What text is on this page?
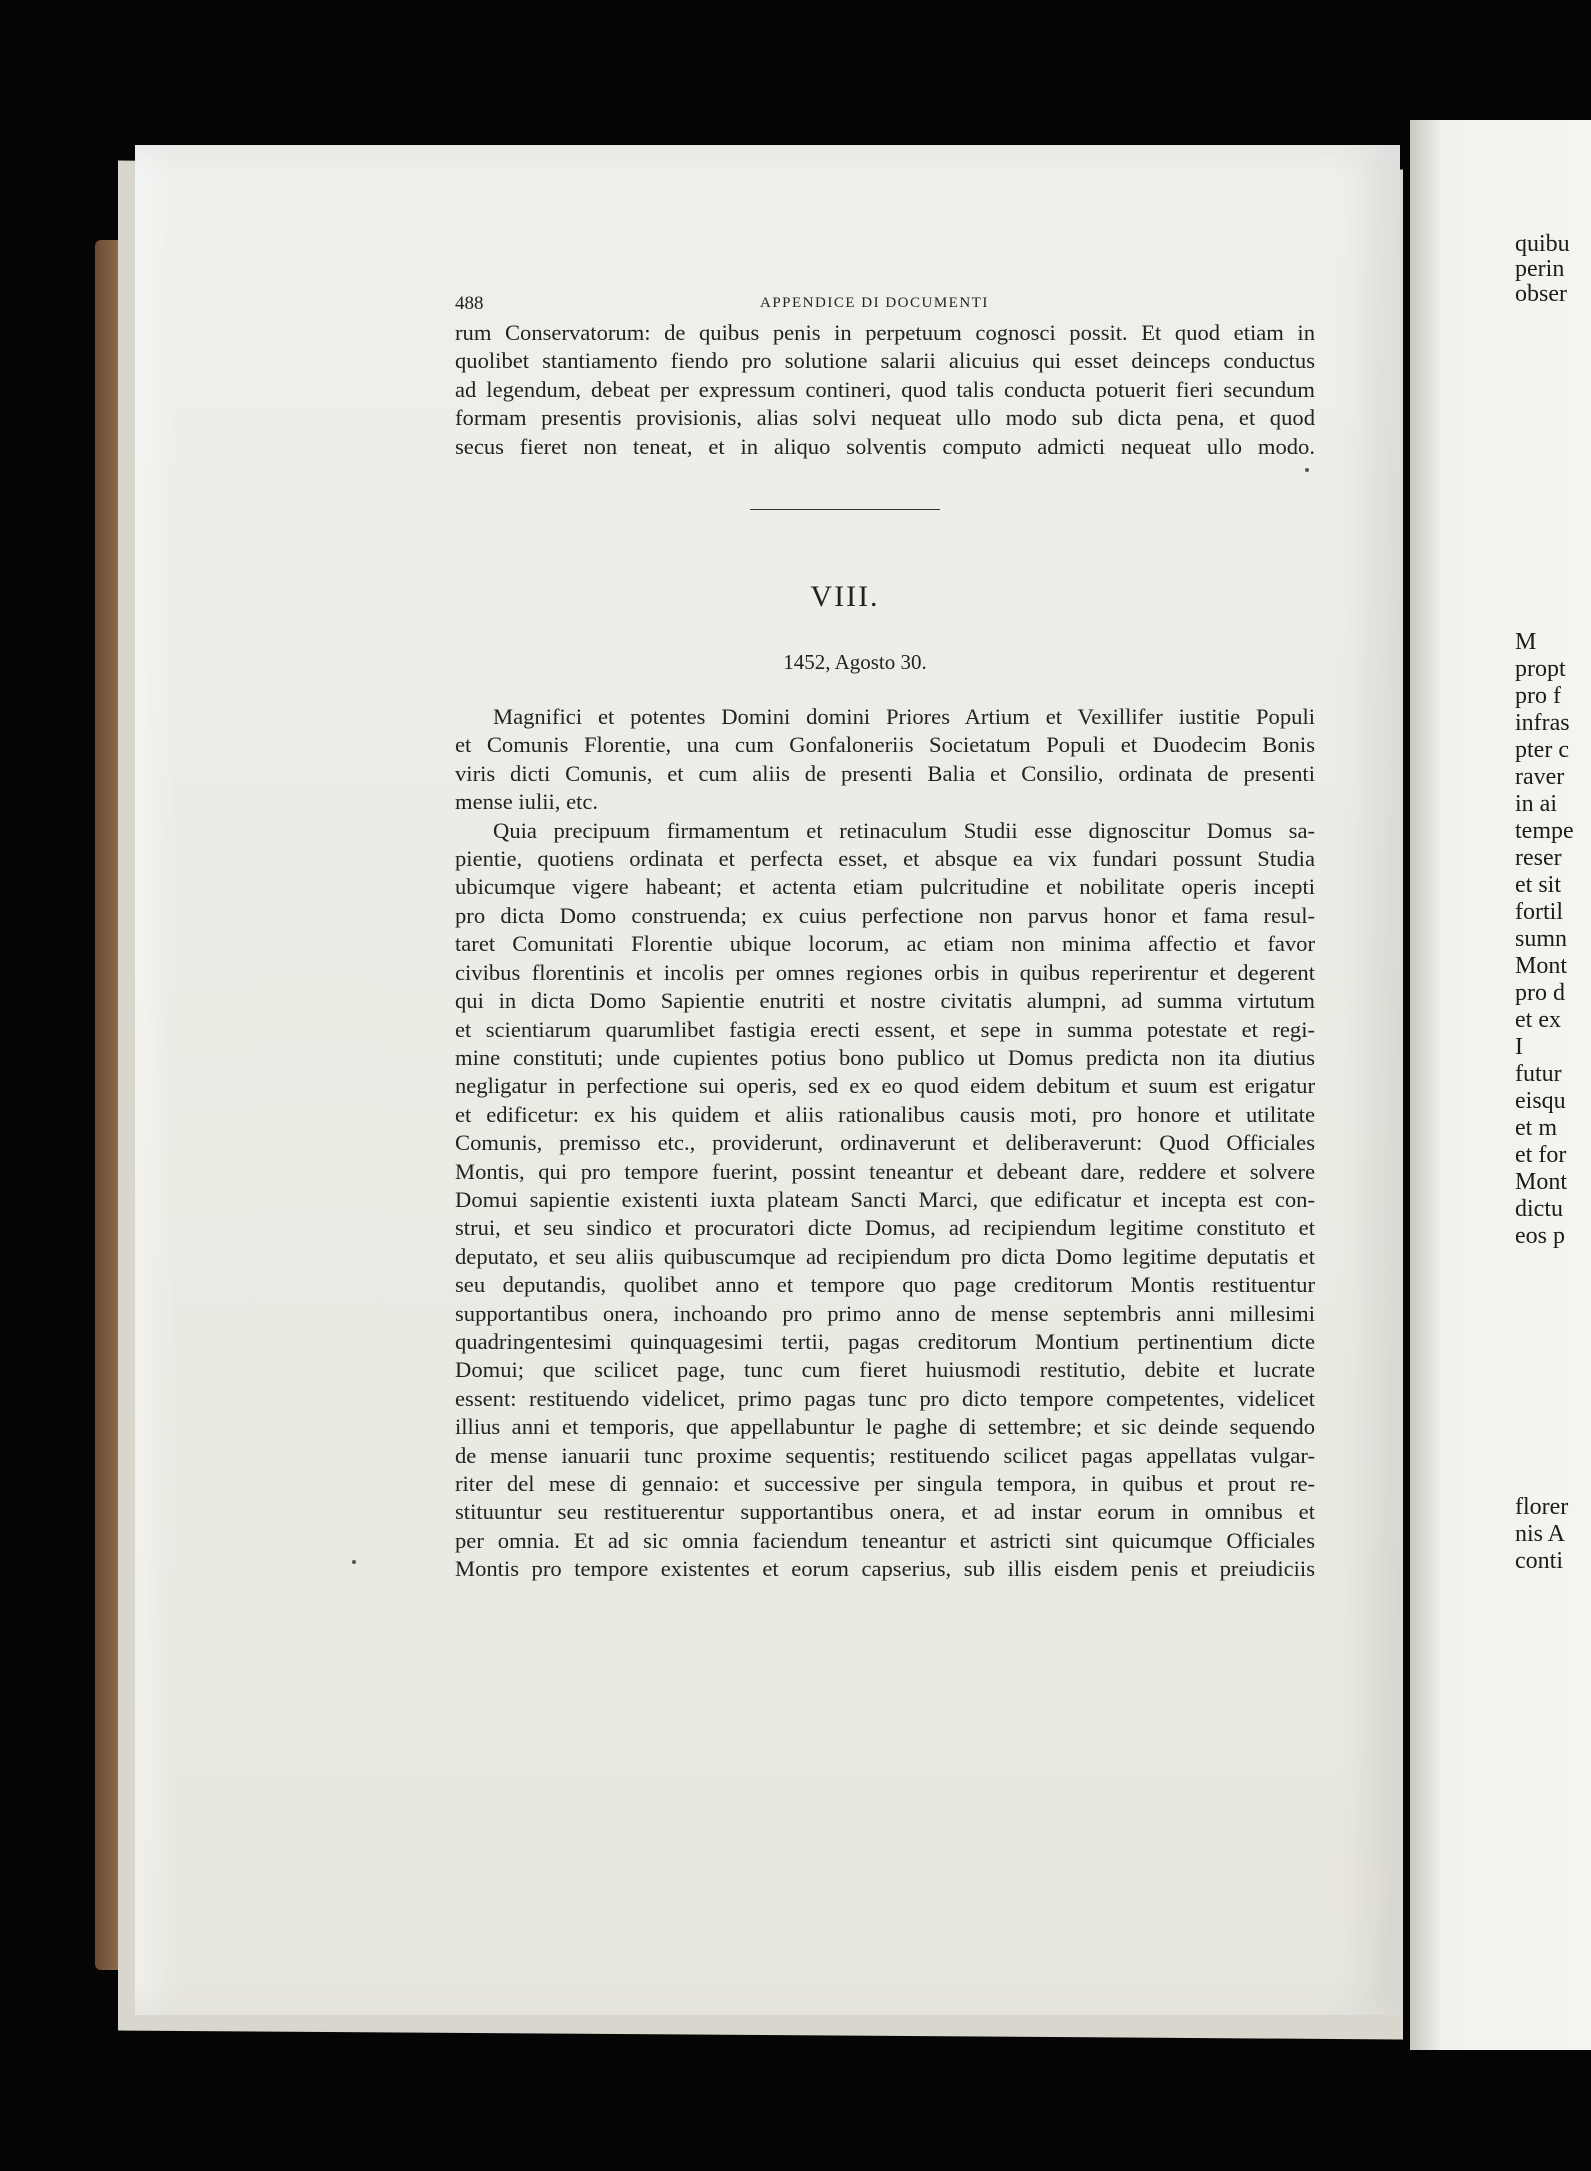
quibu
perin
obser
M
propt
pro f
infras
pter c
raver
in ai
tempe
reser
et sit
fortil
sumn
Mont
pro d
et ex
I
futur
eisqu
et m
et for
Mont
dictu
eos p
florer
nis A
conti
488	APPENDICE DI DOCUMENTI
rum Conservatorum: de quibus penis in perpetuum cognosci possit. Et quod etiam in
quolibet stantiamento fiendo pro solutione salarii alicuius qui esset deinceps conductus
ad legendum, debeat per expressum contineri, quod talis conducta potuerit fieri secundum
formam presentis provisionis, alias solvi nequeat ullo modo sub dicta pena, et quod
secus fieret non teneat, et in aliquo solventis computo admicti nequeat ullo modo.
VIII.
1452, Agosto 30.
Magnifici et potentes Domini domini Priores Artium et Vexillifer iustitie Populi
et Comunis Florentie, una cum Gonfaloneriis Societatum Populi et Duodecim Bonis
viris dicti Comunis, et cum aliis de presenti Balia et Consilio, ordinata de presenti
mense iulii, etc.
Quia precipuum firmamentum et retinaculum Studii esse dignoscitur Domus sa-
pientie, quotiens ordinata et perfecta esset, et absque ea vix fundari possunt Studia
ubicumque vigere habeant; et actenta etiam pulcritudine et nobilitate operis incepti
pro dicta Domo construenda; ex cuius perfectione non parvus honor et fama resul-
taret Comunitati Florentie ubique locorum, ac etiam non minima affectio et favor
civibus florentinis et incolis per omnes regiones orbis in quibus reperirentur et degerent
qui in dicta Domo Sapientie enutriti et nostre civitatis alumpni, ad summa virtutum
et scientiarum quarumlibet fastigia erecti essent, et sepe in summa potestate et regi-
mine constituti; unde cupientes potius bono publico ut Domus predicta non ita diutius
negligatur in perfectione sui operis, sed ex eo quod eidem debitum et suum est erigatur
et edificetur: ex his quidem et aliis rationalibus causis moti, pro honore et utilitate
Comunis, premisso etc., providerunt, ordinaverunt et deliberaverunt: Quod Officiales
Montis, qui pro tempore fuerint, possint teneantur et debeant dare, reddere et solvere
Domui sapientie existenti iuxta plateam Sancti Marci, que edificatur et incepta est con-
strui, et seu sindico et procuratori dicte Domus, ad recipiendum legitime constituto et
deputato, et seu aliis quibuscumque ad recipiendum pro dicta Domo legitime deputatis et
seu deputandis, quolibet anno et tempore quo page creditorum Montis restituentur
supportantibus onera, inchoando pro primo anno de mense septembris anni millesimi
quadringentesimi quinquagesimi tertii, pagas creditorum Montium pertinentium dicte
Domui; que scilicet page, tunc cum fieret huiusmodi restitutio, debite et lucrate
essent: restituendo videlicet, primo pagas tunc pro dicto tempore competentes, videlicet
illius anni et temporis, que appellabuntur le paghe di settembre; et sic deinde sequendo
de mense ianuarii tunc proxime sequentis; restituendo scilicet pagas appellatas vulgar-
riter del mese di gennaio: et successive per singula tempora, in quibus et prout re-
stituuntur seu restituerentur supportantibus onera, et ad instar eorum in omnibus et
per omnia. Et ad sic omnia faciendum teneantur et astricti sint quicumque Officiales
Montis pro tempore existentes et eorum capserius, sub illis eisdem penis et preiudiciis
